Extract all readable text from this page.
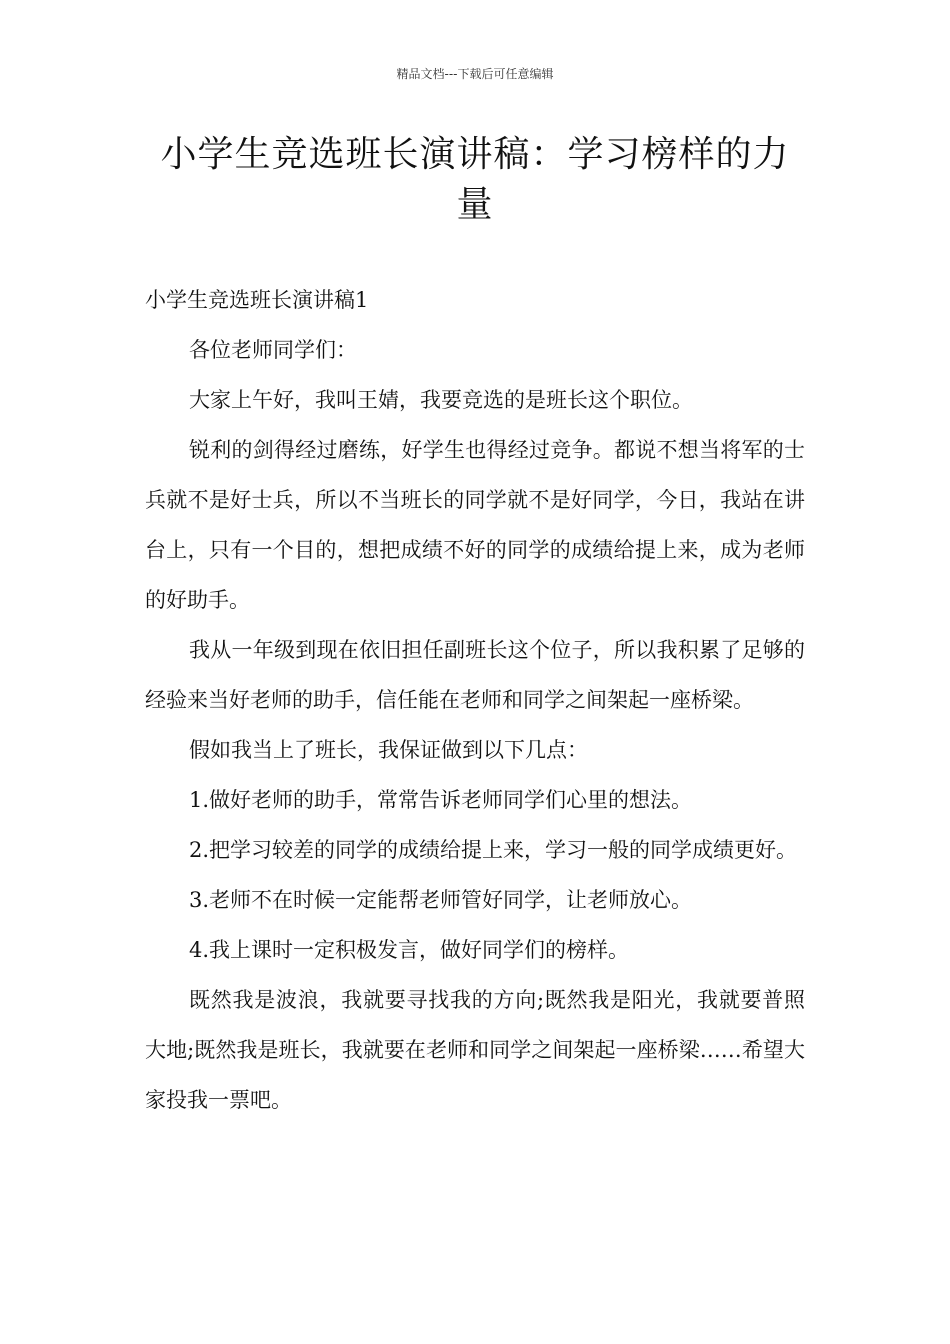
精品文档---下载后可任意编辑
小学生竞选班长演讲稿：学习榜样的力量

小学生竞选班长演讲稿1

各位老师同学们：

大家上午好，我叫王婧，我要竞选的是班长这个职位。

锐利的剑得经过磨练，好学生也得经过竞争。都说不想当将军的士兵就不是好士兵，所以不当班长的同学就不是好同学，今日，我站在讲台上，只有一个目的，想把成绩不好的同学的成绩给提上来，成为老师的好助手。

我从一年级到现在依旧担任副班长这个位子，所以我积累了足够的经验来当好老师的助手，信任能在老师和同学之间架起一座桥梁。

假如我当上了班长，我保证做到以下几点：

1.做好老师的助手，常常告诉老师同学们心里的想法。

2.把学习较差的同学的成绩给提上来，学习一般的同学成绩更好。

3.老师不在时候一定能帮老师管好同学，让老师放心。

4.我上课时一定积极发言，做好同学们的榜样。

既然我是波浪，我就要寻找我的方向;既然我是阳光，我就要普照大地;既然我是班长，我就要在老师和同学之间架起一座桥梁……希望大家投我一票吧。
